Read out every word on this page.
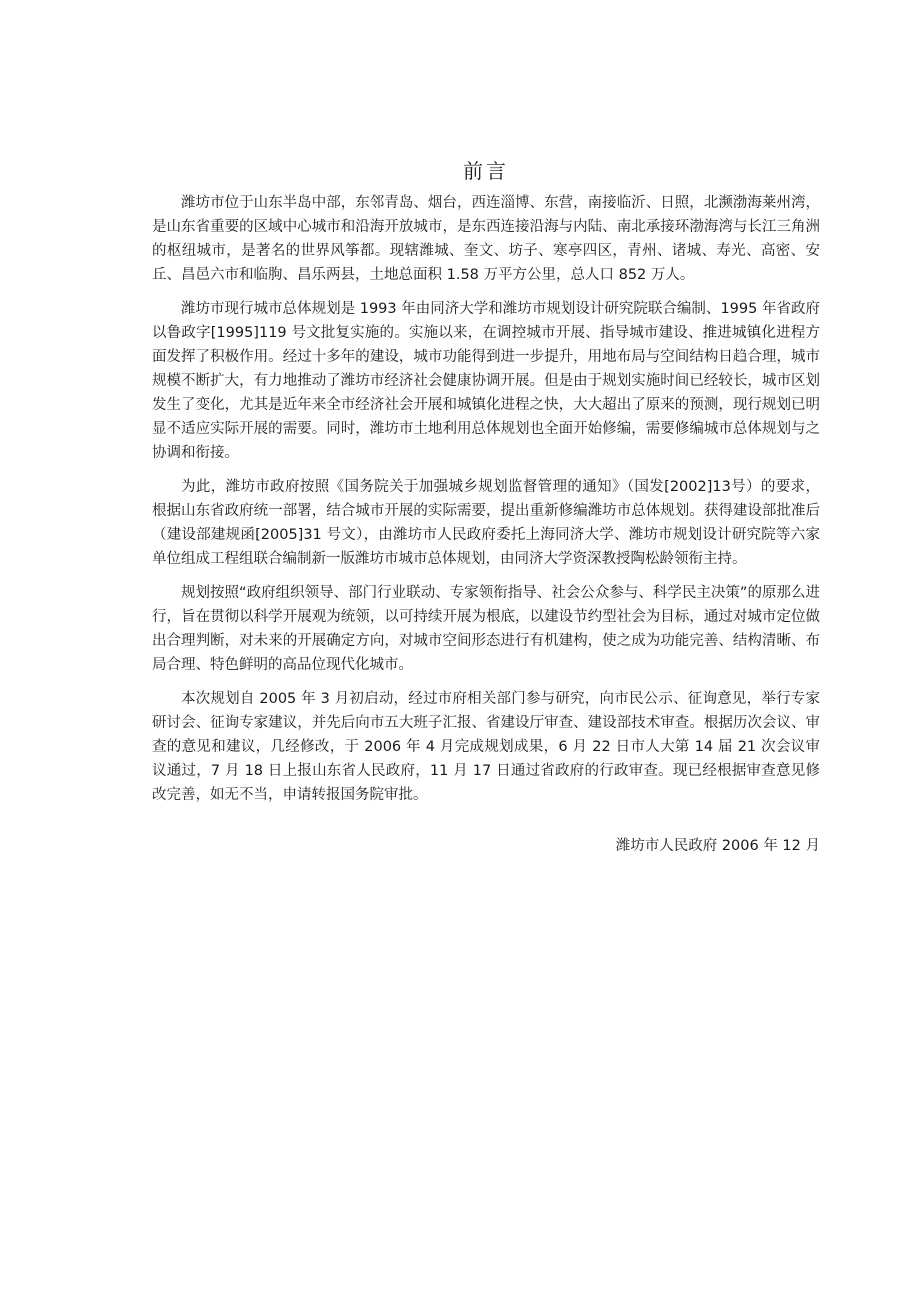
前言

潍坊市位于山东半岛中部，东邻青岛、烟台，西连淄博、东营，南接临沂、日照，北濒渤海莱州湾，是山东省重要的区域中心城市和沿海开放城市，是东西连接沿海与内陆、南北承接环渤海湾与长江三角洲的枢纽城市，是著名的世界风筝都。现辖潍城、奎文、坊子、寒亭四区，青州、诸城、寿光、高密、安丘、昌邑六市和临朐、昌乐两县，土地总面积 1.58 万平方公里，总人口 852 万人。

潍坊市现行城市总体规划是 1993 年由同济大学和潍坊市规划设计研究院联合编制、1995 年省政府以鲁政字[1995]119 号文批复实施的。实施以来，在调控城市开展、指导城市建设、推进城镇化进程方面发挥了积极作用。经过十多年的建设，城市功能得到进一步提升，用地布局与空间结构日趋合理，城市规模不断扩大，有力地推动了潍坊市经济社会健康协调开展。但是由于规划实施时间已经较长，城市区划发生了变化，尤其是近年来全市经济社会开展和城镇化进程之快，大大超出了原来的预测，现行规划已明显不适应实际开展的需要。同时，潍坊市土地利用总体规划也全面开始修编，需要修编城市总体规划与之协调和衔接。

为此，潍坊市政府按照《国务院关于加强城乡规划监督管理的通知》（国发[2002]13号）的要求，根据山东省政府统一部署，结合城市开展的实际需要，提出重新修编潍坊市总体规划。获得建设部批准后（建设部建规函[2005]31 号文），由潍坊市人民政府委托上海同济大学、潍坊市规划设计研究院等六家单位组成工程组联合编制新一版潍坊市城市总体规划，由同济大学资深教授陶松龄领衔主持。

规划按照“政府组织领导、部门行业联动、专家领衔指导、社会公众参与、科学民主决策”的原那么进行，旨在贯彻以科学开展观为统领，以可持续开展为根底，以建设节约型社会为目标，通过对城市定位做出合理判断，对未来的开展确定方向，对城市空间形态进行有机建构，使之成为功能完善、结构清晰、布局合理、特色鲜明的高品位现代化城市。

本次规划自 2005 年 3 月初启动，经过市府相关部门参与研究，向市民公示、征询意见，举行专家研讨会、征询专家建议，并先后向市五大班子汇报、省建设厅审查、建设部技术审查。根据历次会议、审查的意见和建议，几经修改，于 2006 年 4 月完成规划成果，6 月 22 日市人大第 14 届 21 次会议审议通过，7 月 18 日上报山东省人民政府，11 月 17 日通过省政府的行政审查。现已经根据审查意见修改完善，如无不当，申请转报国务院审批。

潍坊市人民政府 2006 年 12 月
